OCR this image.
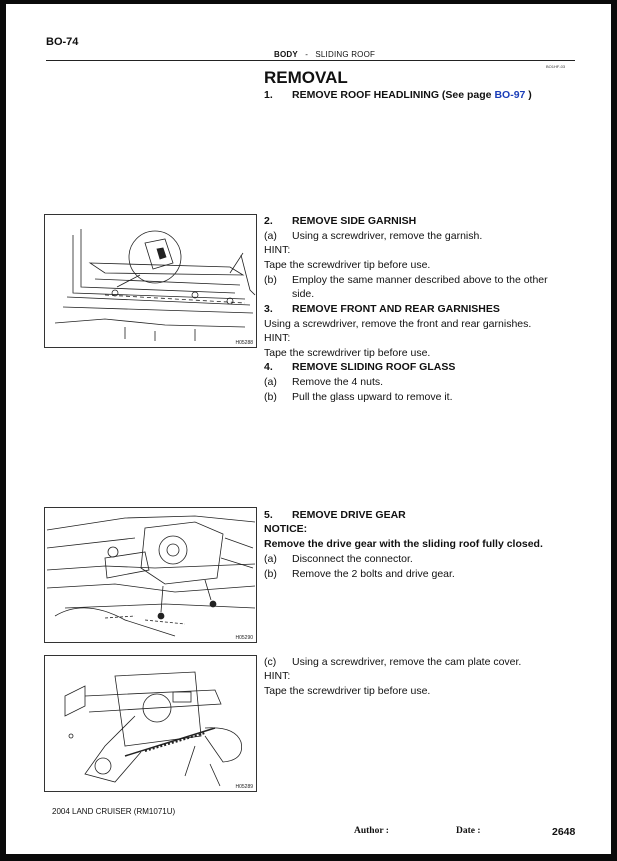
BO-74
BODY - SLIDING ROOF
BO1HF-03
REMOVAL
1. REMOVE ROOF HEADLINING (See page BO-97 )
H05288
2. REMOVE SIDE GARNISH
(a) Using a screwdriver, remove the garnish.
HINT:
Tape the screwdriver tip before use.
(b) Employ the same manner described above to the other
side.
3. REMOVE FRONT AND REAR GARNISHES
Using a screwdriver, remove the front and rear garnishes.
HINT:
Tape the screwdriver tip before use.
4. REMOVE SLIDING ROOF GLASS
(a) Remove the 4 nuts.
(b) Pull the glass upward to remove it.
H05290
5. REMOVE DRIVE GEAR
NOTICE:
Remove the drive gear with the sliding roof fully closed.
(a) Disconnect the connector.
(b) Remove the 2 bolts and drive gear.
H05289
(c) Using a screwdriver, remove the cam plate cover.
HINT:
Tape the screwdriver tip before use.
2004 LAND CRUISER (RM1071U)
Author :	Date :	2648
